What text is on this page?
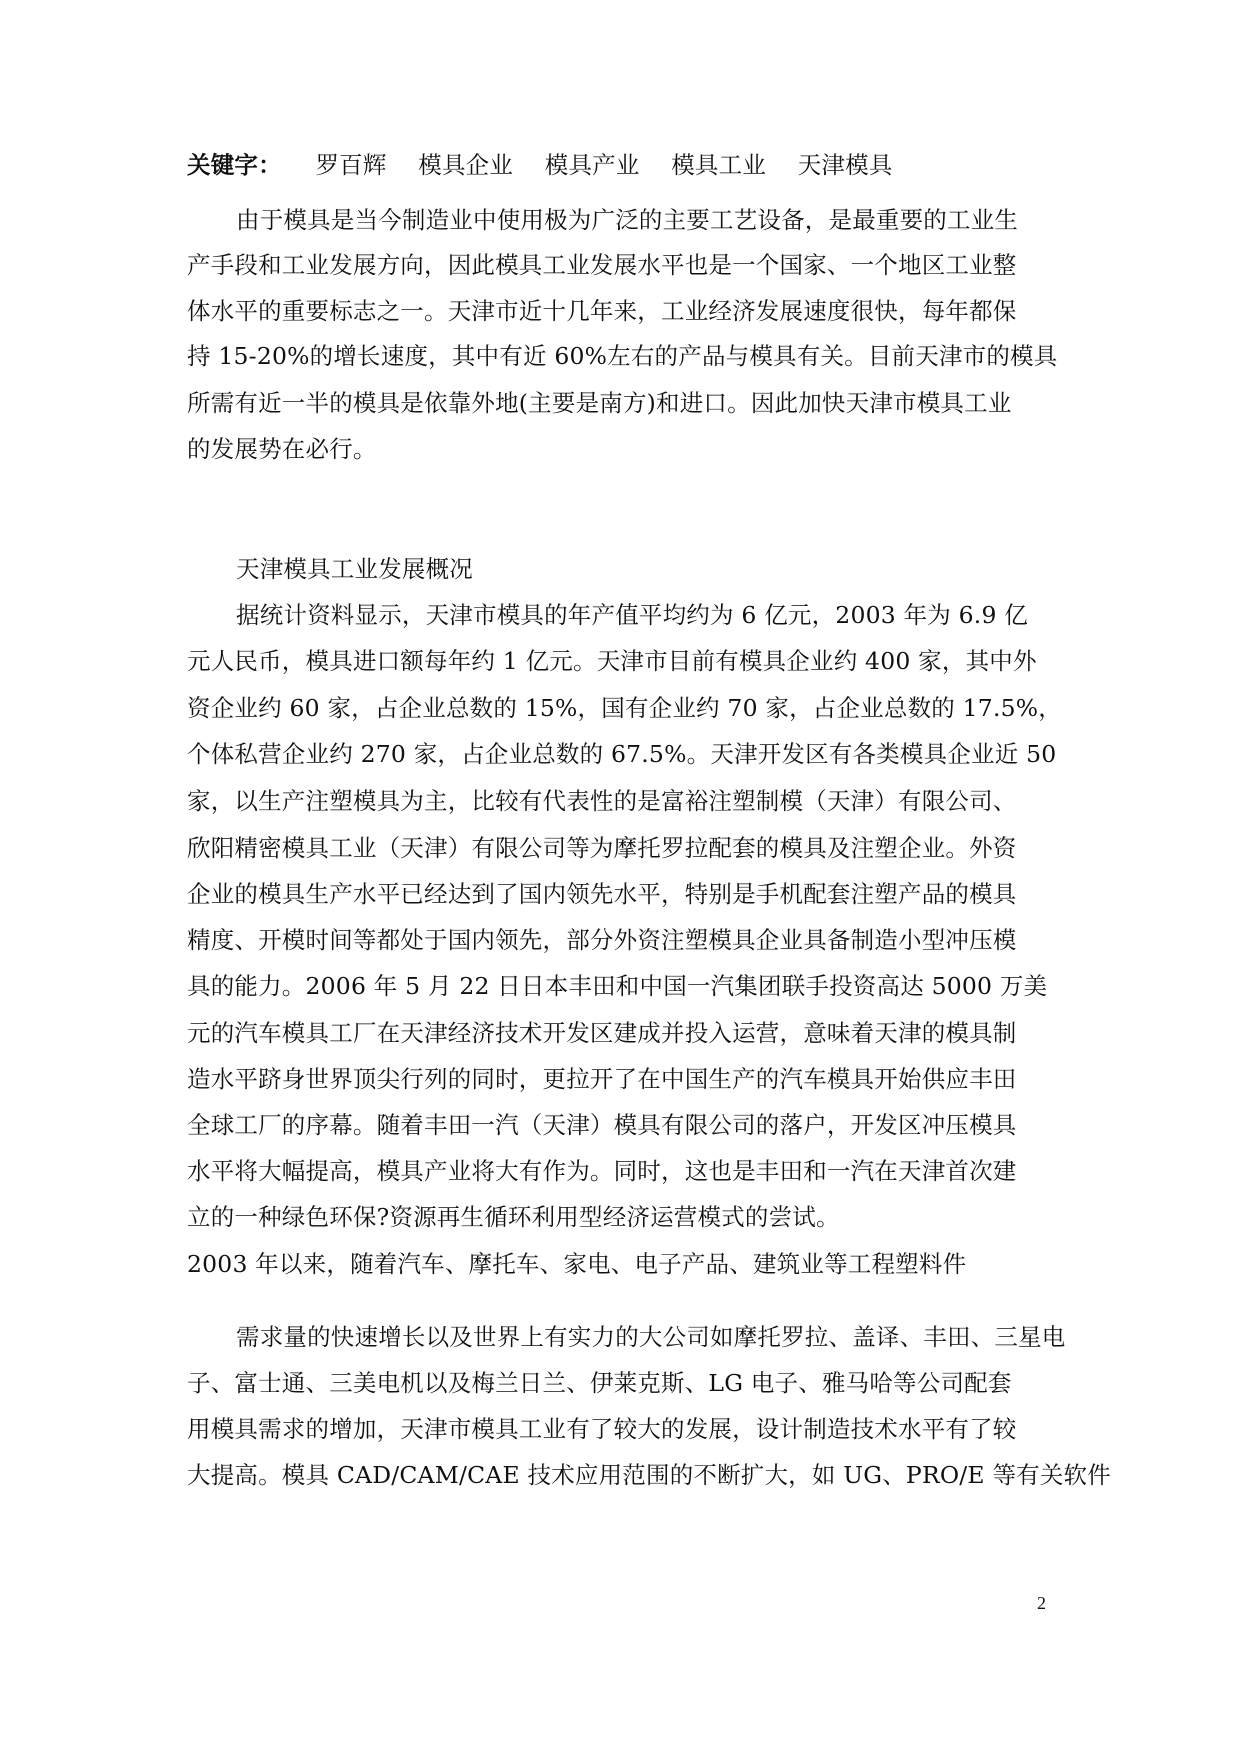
关键字： 罗百辉 模具企业 模具产业 模具工业 天津模具
由于模具是当今制造业中使用极为广泛的主要工艺设备，是最重要的工业生
产手段和工业发展方向，因此模具工业发展水平也是一个国家、一个地区工业整
体水平的重要标志之一。天津市近十几年来，工业经济发展速度很快，每年都保
持 15-20%的增长速度，其中有近 60%左右的产品与模具有关。目前天津市的模具
所需有近一半的模具是依靠外地(主要是南方)和进口。因此加快天津市模具工业
的发展势在必行。
天津模具工业发展概况
据统计资料显示，天津市模具的年产值平均约为 6 亿元，2003 年为 6.9 亿
元人民币，模具进口额每年约 1 亿元。天津市目前有模具企业约 400 家，其中外
资企业约 60 家，占企业总数的 15%，国有企业约 70 家，占企业总数的 17.5%，
个体私营企业约 270 家，占企业总数的 67.5%。天津开发区有各类模具企业近 50
家，以生产注塑模具为主，比较有代表性的是富裕注塑制模（天津）有限公司、
欣阳精密模具工业（天津）有限公司等为摩托罗拉配套的模具及注塑企业。外资
企业的模具生产水平已经达到了国内领先水平，特别是手机配套注塑产品的模具
精度、开模时间等都处于国内领先，部分外资注塑模具企业具备制造小型冲压模
具的能力。2006 年 5 月 22 日日本丰田和中国一汽集团联手投资高达 5000 万美
元的汽车模具工厂在天津经济技术开发区建成并投入运营，意味着天津的模具制
造水平跻身世界顶尖行列的同时，更拉开了在中国生产的汽车模具开始供应丰田
全球工厂的序幕。随着丰田一汽（天津）模具有限公司的落户，开发区冲压模具
水平将大幅提高，模具产业将大有作为。同时，这也是丰田和一汽在天津首次建
立的一种绿色环保?资源再生循环利用型经济运营模式的尝试。
2003 年以来，随着汽车、摩托车、家电、电子产品、建筑业等工程塑料件
需求量的快速增长以及世界上有实力的大公司如摩托罗拉、盖译、丰田、三星电
子、富士通、三美电机以及梅兰日兰、伊莱克斯、LG 电子、雅马哈等公司配套
用模具需求的增加，天津市模具工业有了较大的发展，设计制造技术水平有了较
大提高。模具 CAD/CAM/CAE 技术应用范围的不断扩大，如 UG、PRO/E 等有关软件
2
